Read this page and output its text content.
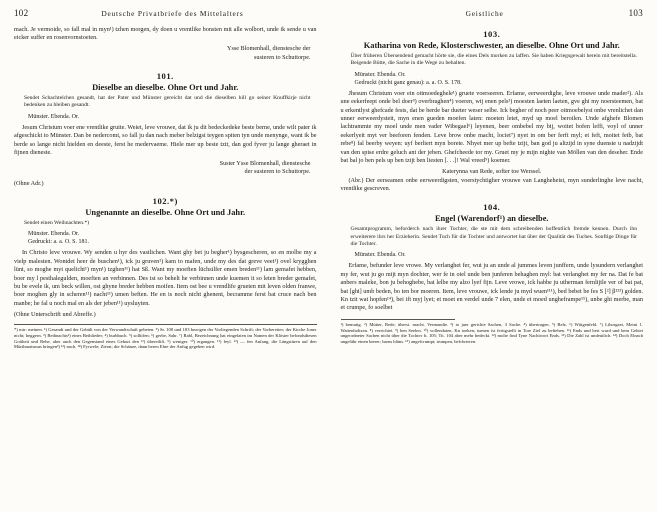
102	Deutsche Privatbriefe des Mittelalters

mach. Je vermoide, so fall mal in myn¹) tzhen morgen, dy doen u vrentlike bonsten mit alle wolbort, unde ik sende u van eicker suffer en rosenvornstoeten.

Ysse Blomenhall, dienstesche der
susteren to Schuttorpe.
101.
Dieselbe an dieselbe. Ohne Ort und Jahr.
Sendet Schachtelchen gesandt, hat der Pater und Münster gereicht dat und die dieselben hill go seiner Knuffkirje nicht bedenken zu bleiben gesandt.
Münster. Ebenda. Or.

Jesum Christum voer ene vrentlike gruite. Weiet, leve vrouwe, dat ik ju dit bedeckedeke beste berne, unde wilt pater ik afgeschickt to Münster. Dan be nedercomt, so fall ju dan nach meber belzigst teygen spiten tyn unde menynge, want ik be berde so lange nicht hielden en deeste, ferst he medervaeme. Hiele mer up beste tzit, dan god fyver ju lange gheraet in fijnen dieneste.

Suster Ysse Blomenhall, dienstesche
der susteren to Schuttorpe.
(Ohne Adr.)
102.*)
Ungenannte an dieselbe. Ohne Ort und Jahr.
Sendet einen Weihnachten.*)
Münster. Ebenda. Or.
Gedruckt: a. a. O. S. 181.

In Christo leve vrouwe. Wy senden u hyr des vastlichen. Want ghy bet ju begher¹) bysgescheren, so en molbe my a vielp malesten. Wontdet heer de buschen¹), ick ju gruven¹) kam to mafen, unde my des dat greve veet¹) ovel krygghen lünt, so moghe myt quelicht¹) myn¹) tzghen¹¹) hat Sß. Want my moeften lüchsilfer emen breden¹¹) lam gemafet hebben, boer my l pesthalegulden, moeften an verbinnen. Des ist so behelt he verbinnen unde kuemen it so leten breder gemafet, bu be evele ik, um beck willen, ost ghyne breder hebben moifen. Item ost bee u vrendlife grueten mit leven olden franwe, boer moghen gly in scheren¹¹) nacht¹¹) umen beften. He en is noch nicht ghenent, becramme ferst bat cruce nach ben manbe; he fal u noch mal en als der jeben¹¹) uysluyten.

(Ohne Unterschrift und Abreffe.)
*) mir: meinen. ¹) Gesandt und der Gebült von der Verwandtschaft gebeten. ²) Sr. 100 und 103 bezogen der Vorliegenden Schrift; der Vorbereiter; der Kirche Joner nicht; beggern. ³) Beihnachts²) eines Beihlieder; ⁴) burbbuch. ⁵) solltifen; ⁶) gerbe, Sahr. ⁷) Rabl, Bezeichnung hat eingelaten im Namen der Klöster befondsdiesen Gottheit und Rebe, aber auch den Gegenstand eines Geburt den ¹¹) übereilift. ⁹) weniger. ¹⁰) ergangen. ¹¹) feyl. ¹²) — fen Anfang, die Längstüren auf den Mürthmaismus bringen²) ¹³) nach. ¹⁴) Fyrwele; Zierat; die Schänze, dann beren Ehre der Anfug gegeben wird.
Geistliche	103
103.
Katharina von Rede, Klosterschwester, an dieselbe. Ohne Ort und Jahr.
Über früheren Übersendend gemacht hörte sie, die eines Dels morken zu laffen. Sie haben Kriegsgewalt herein mit bereitstella. Beigende Bütte, die Sache in die Wege zu behalten.
Münster. Ebenda. Or.
Gedruckt (nicht ganz genau): a. a. O. S. 178.

Jhesum Christum voer ein oitmoedeghele¹) gruete voerseeren. Erfame, eerweerdighe, leve vrouwe unde mader²). Als une eekerfeept onde bel doer³) overbraghen⁴) voeren, wij enen pels³) moesten laeten laeten, gve ghi my noersteemen, bat u erkentlyst ghefcade fests, dat be berde bar dueter weser selbe. Ick begher of noch peer oitmoebelyst onbe vrenlichet dan unner eerweerdysteit, myn enen gueden moefen laten: moeten letet, myd up moel beroilen. Unde afghefe Blomen lachtrammte my moel unde men vader Wibegael⁶) leyenen, beer ombebel my bij, woitet bofen leffi, voyl of unner eekerlyeit myt ver beeforen fenden. Leve brow onbe macht, lociet⁷) nyet in om ber ferft myl; et feft, moitet fetb, bat rebe⁸) fal beerby weyen: uyf berliert myn borete. Nhyet mer up befte tzijt, ban god ju altzijd in syne duenste u nadzijdt van den spise erdre geluch ant der jeben. Ghefcheede tor my. Gruet my je mijn nighte van Möllen van den deseher. Ende bat bal jo ben pels up ben tzijt ben liesten [. . .]! Wal vreed⁹) koemer.

Katerynna van Rede, softer toe Werssel.

(Abr.) Der eerseamen onbe eerweerdigsten, voerstychtigher vrouwe van Langheheist, myn sunderlinghe leve nacht, vrentlike gescreven.

104.
Engel (Warendorf¹) an dieselbe.
Gesamtprogramm, beforderch nach ihrer Tochter, die ste mit dem schreibenden hoffentlich fremde kennen. Durch ihn erweiterere ihrs her Erzieherin. Sendet Tuch für die Tochter und antwortet hat über der Qualität des Tuches. Sonftige Dinge für die Tochter.
Münster. Ebenda. Or.

Erfame, befunder leve vrowe. My verlanghet fer, wut ju an unde al jummes leven junffern, unde lysundern verlanghet my fer, wut ju go mijt myn dochter, wer fe in oiel unde ben junferen behaghen myl: bat verlanghet my fer na. Dat fe bat anbers maleke, bon ju behoghebe, bat lelbe my alzo lyef fijn. Leve vrowe, ick habbe ju utherman fernlijtle ver of bat pat, bat [ghi] umb beden, bo ten bor moeren. Item, leve vrouwe, ick lende ju myd wuen¹¹¹), bed bebet be fes S [²] β¹²³) golden. Kn tzit wat hopfen¹⁴), bei ift myj lyet; et moet en verdel unde 7 elen, unde et moed ungheframpe¹⁵), unbe ghi merbe, man et crumpe, fo soelbet

¹) bemutig. ²) Mütter, Rede, überst. macht. Vermandte. ³) to juer gerichte Sachen, 3 Sache. ⁴) übertragen. ⁵) Belz. ⁶) Wittgenfeld. ⁷) Liborgaet, Meint 1. Wattenholtzen. ⁸) verrichtet. ⁹) ben Seelen. ¹⁰) vollendaten, Kn toeken; tuenen ist fertigstellt in Tore Ziel zu beftehen. ¹¹) Ends und bert wurd und bem Gebiet ungeordneter Sachen nicht über die Tochter ft. 105; Tit. 104 aber mehr bedeckt. ¹²) molte find Tyne Nachtwort Ends. ¹³) Die Zahl ist undeutlich. ¹⁴) Doch Elnach ungefähr einen bierer; barns bläns. ¹⁵) angefcrumpt; trumpen, befchrieren.
